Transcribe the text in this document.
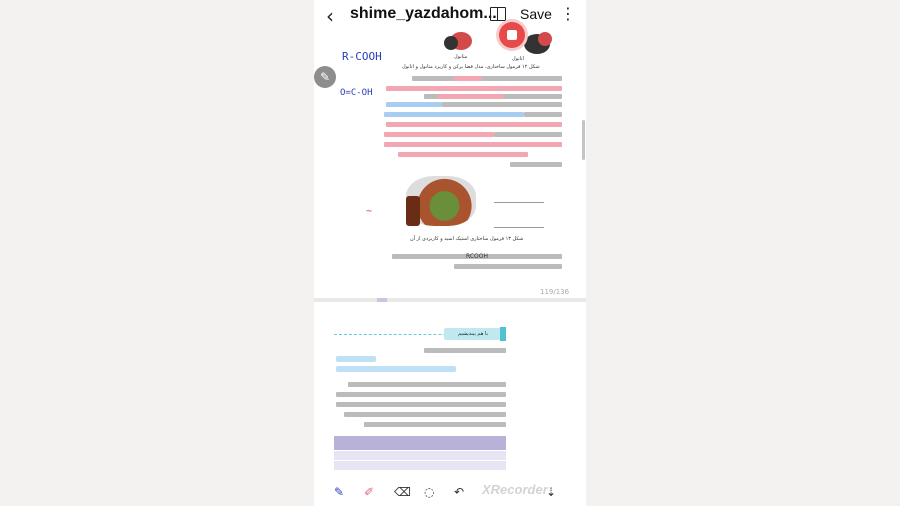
‹ shime_yazdahom... Save ⋮
متانول	اتانول
شکل ۱۲ فرمول ساختاری، مدل فضا پرکن و کاربرد متانول و اتانول
R-COOH
O=C-OH
~
شکل ۱۳ فرمول ساختاری استیک اسید و کاربردی از آن
RCOOH
119/136
با هم بیندیشیم
✎
✎ ✐ ⌫ ◌ ↶ XRecorder
⇣
